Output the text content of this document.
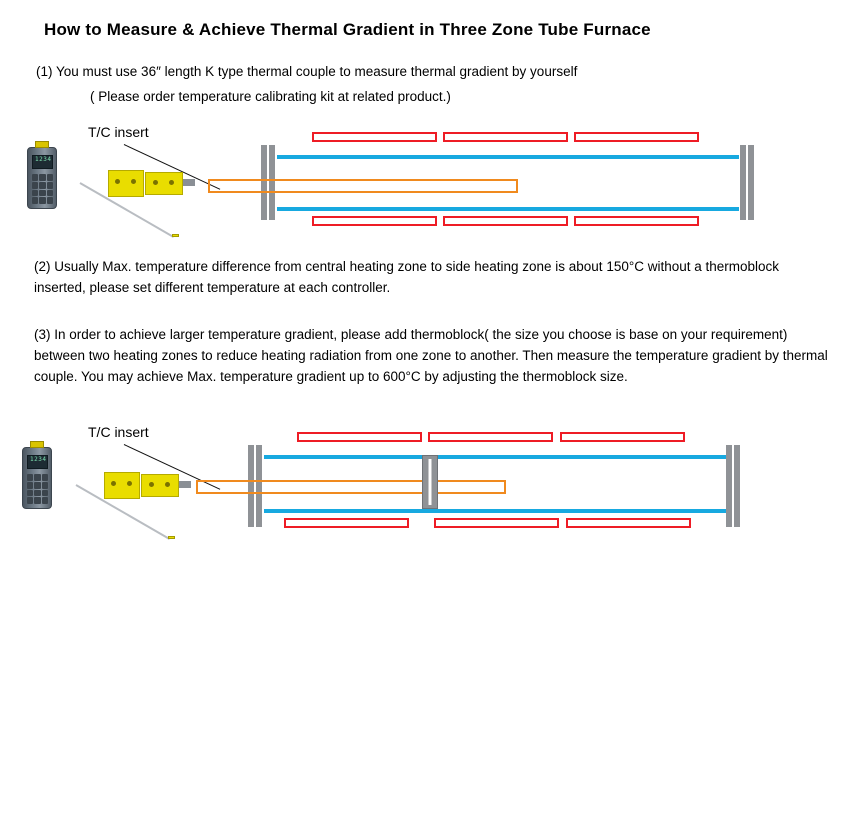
How to Measure & Achieve Thermal Gradient in Three Zone Tube Furnace
(1) You must use 36″ length K type thermal couple to measure thermal gradient by yourself
( Please order temperature calibrating kit at related product.)
T/C insert
1234
(2) Usually Max. temperature difference from central heating zone to side heating zone is about 150°C without a thermoblock inserted, please set different temperature at each controller.
(3) In order to achieve larger temperature gradient, please add thermoblock( the size you choose is base on your requirement) between two heating zones to reduce heating radiation from one zone to another. Then measure the temperature gradient by thermal couple. You may achieve Max. temperature gradient up to 600°C by adjusting the thermoblock size.
T/C insert
1234
